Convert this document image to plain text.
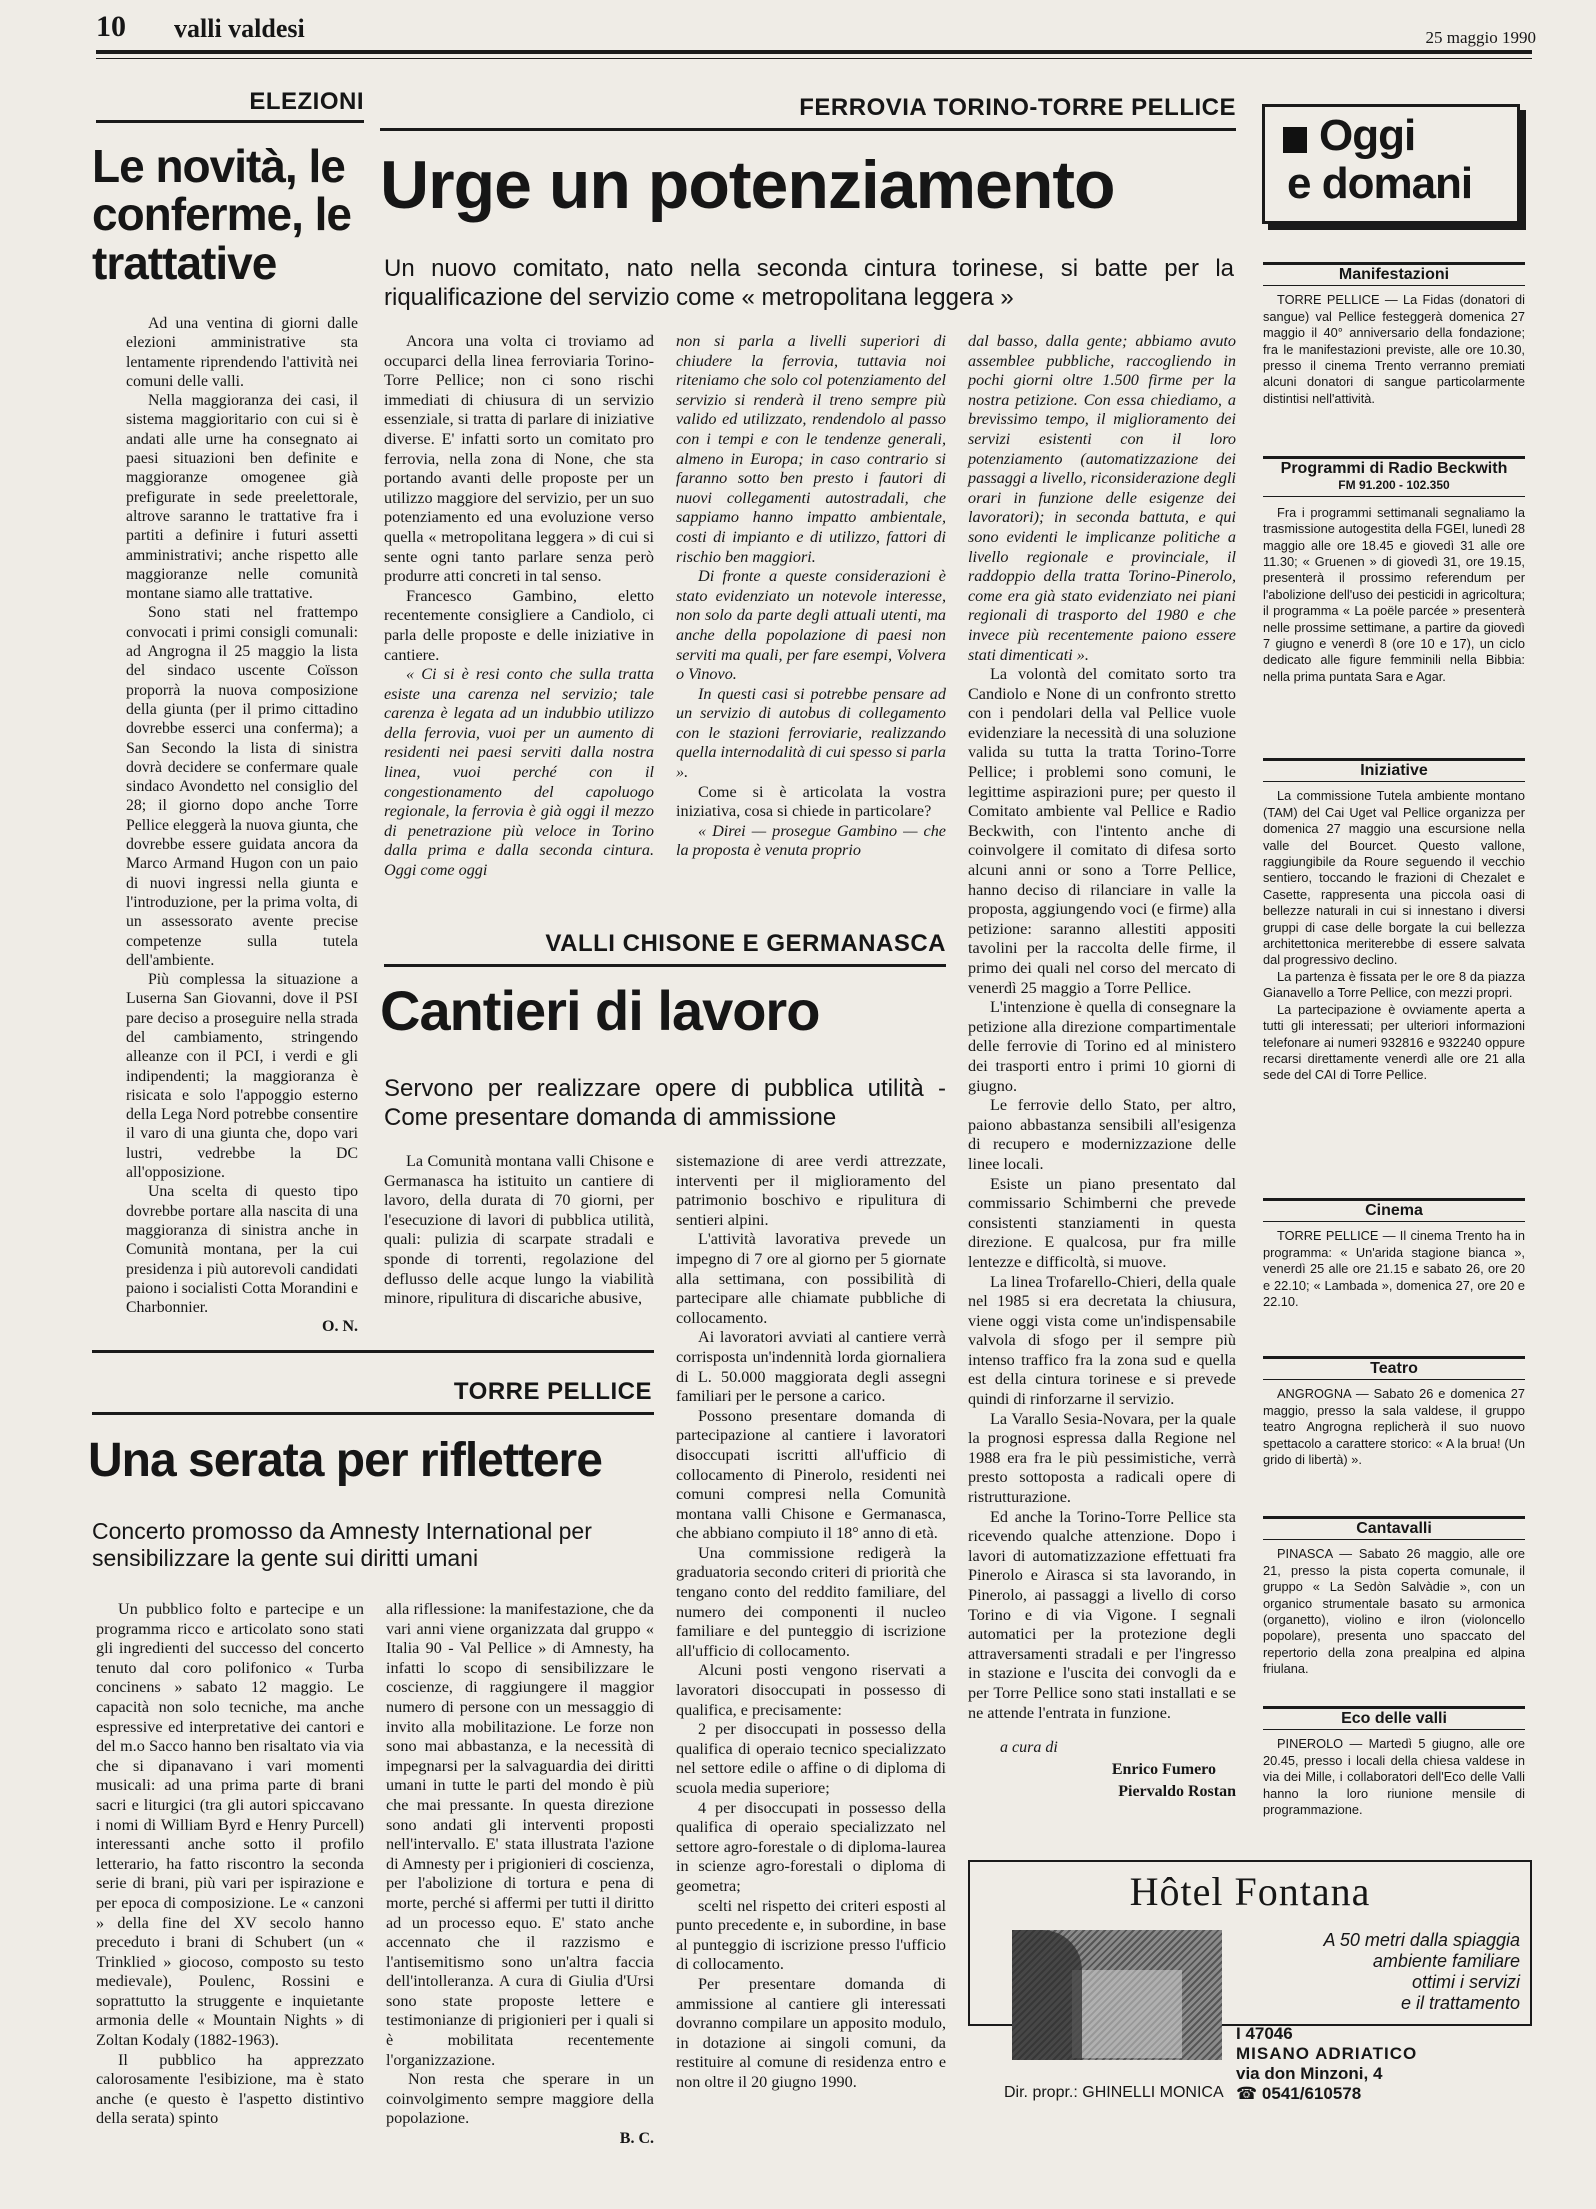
10 valli valdesi	25 maggio 1990
ELEZIONI
Le novità, le conferme, le trattative

Ad una ventina di giorni dalle elezioni amministrative sta lentamente riprendendo l'attività nei comuni delle valli.

Nella maggioranza dei casi, il sistema maggioritario con cui si è andati alle urne ha consegnato ai paesi situazioni ben definite e maggioranze omogenee già prefigurate in sede preelettorale, altrove saranno le trattative fra i partiti a definire i futuri assetti amministrativi; anche rispetto alle maggioranze nelle comunità montane siamo alle trattative.

Sono stati nel frattempo convocati i primi consigli comunali: ad Angrogna il 25 maggio la lista del sindaco uscente Coïsson proporrà la nuova composizione della giunta (per il primo cittadino dovrebbe esserci una conferma); a San Secondo la lista di sinistra dovrà decidere se confermare quale sindaco Avondetto nel consiglio del 28; il giorno dopo anche Torre Pellice eleggerà la nuova giunta, che dovrebbe essere guidata ancora da Marco Armand Hugon con un paio di nuovi ingressi nella giunta e l'introduzione, per la prima volta, di un assessorato avente precise competenze sulla tutela dell'ambiente.

Più complessa la situazione a Luserna San Giovanni, dove il PSI pare deciso a proseguire nella strada del cambiamento, stringendo alleanze con il PCI, i verdi e gli indipendenti; la maggioranza è risicata e solo l'appoggio esterno della Lega Nord potrebbe consentire il varo di una giunta che, dopo vari lustri, vedrebbe la DC all'opposizione.

Una scelta di questo tipo dovrebbe portare alla nascita di una maggioranza di sinistra anche in Comunità montana, per la cui presidenza i più autorevoli candidati paiono i socialisti Cotta Morandini e Charbonnier.

O. N.
FERROVIA TORINO-TORRE PELLICE
Urge un potenziamento
Un nuovo comitato, nato nella seconda cintura torinese, si batte per la riqualificazione del servizio come « metropolitana leggera »

Ancora una volta ci troviamo ad occuparci della linea ferroviaria Torino-Torre Pellice; non ci sono rischi immediati di chiusura di un servizio essenziale, si tratta di parlare di iniziative diverse. E' infatti sorto un comitato pro ferrovia, nella zona di None, che sta portando avanti delle proposte per un utilizzo maggiore del servizio, per un suo potenziamento ed una evoluzione verso quella « metropolitana leggera » di cui si sente ogni tanto parlare senza però produrre atti concreti in tal senso.

Francesco Gambino, eletto recentemente consigliere a Candiolo, ci parla delle proposte e delle iniziative in cantiere.

« Ci si è resi conto che sulla tratta esiste una carenza nel servizio; tale carenza è legata ad un indubbio utilizzo della ferrovia, vuoi per un aumento di residenti nei paesi serviti dalla nostra linea, vuoi perché con il congestionamento del capoluogo regionale, la ferrovia è già oggi il mezzo di penetrazione più veloce in Torino dalla prima e dalla seconda cintura. Oggi come oggi

non si parla a livelli superiori di chiudere la ferrovia, tuttavia noi riteniamo che solo col potenziamento del servizio si renderà il treno sempre più valido ed utilizzato, rendendolo al passo con i tempi e con le tendenze generali, almeno in Europa; in caso contrario si faranno sotto ben presto i fautori di nuovi collegamenti autostradali, che sappiamo hanno impatto ambientale, costi di impianto e di utilizzo, fattori di rischio ben maggiori.

Di fronte a queste considerazioni è stato evidenziato un notevole interesse, non solo da parte degli attuali utenti, ma anche della popolazione di paesi non serviti ma quali, per fare esempi, Volvera o Vinovo.

In questi casi si potrebbe pensare ad un servizio di autobus di collegamento con le stazioni ferroviarie, realizzando quella internodalità di cui spesso si parla ».

Come si è articolata la vostra iniziativa, cosa si chiede in particolare?

« Direi — prosegue Gambino — che la proposta è venuta proprio

dal basso, dalla gente; abbiamo avuto assemblee pubbliche, raccogliendo in pochi giorni oltre 1.500 firme per la nostra petizione. Con essa chiediamo, a brevissimo tempo, il miglioramento dei servizi esistenti con il loro potenziamento (automatizzazione dei passaggi a livello, riconsiderazione degli orari in funzione delle esigenze dei lavoratori); in seconda battuta, e qui sono evidenti le implicanze politiche a livello regionale e provinciale, il raddoppio della tratta Torino-Pinerolo, come era già stato evidenziato nei piani regionali di trasporto del 1980 e che invece più recentemente paiono essere stati dimenticati ».

La volontà del comitato sorto tra Candiolo e None di un confronto stretto con i pendolari della val Pellice vuole evidenziare la necessità di una soluzione valida su tutta la tratta Torino-Torre Pellice; i problemi sono comuni, le legittime aspirazioni pure; per questo il Comitato ambiente val Pellice e Radio Beckwith, con l'intento anche di coinvolgere il comitato di difesa sorto alcuni anni or sono a Torre Pellice, hanno deciso di rilanciare in valle la proposta, aggiungendo voci (e firme) alla petizione: saranno allestiti appositi tavolini per la raccolta delle firme, il primo dei quali nel corso del mercato di venerdì 25 maggio a Torre Pellice.

L'intenzione è quella di consegnare la petizione alla direzione compartimentale delle ferrovie di Torino ed al ministero dei trasporti entro i primi 10 giorni di giugno.

Le ferrovie dello Stato, per altro, paiono abbastanza sensibili all'esigenza di recupero e modernizzazione delle linee locali.

Esiste un piano presentato dal commissario Schimberni che prevede consistenti stanziamenti in questa direzione. E qualcosa, pur fra mille lentezze e difficoltà, si muove.

La linea Trofarello-Chieri, della quale nel 1985 si era decretata la chiusura, viene oggi vista come un'indispensabile valvola di sfogo per il sempre più intenso traffico fra la zona sud e quella est della cintura torinese e si prevede quindi di rinforzarne il servizio.

La Varallo Sesia-Novara, per la quale la prognosi espressa dalla Regione nel 1988 era fra le più pessimistiche, verrà presto sottoposta a radicali opere di ristrutturazione.

Ed anche la Torino-Torre Pellice sta ricevendo qualche attenzione. Dopo i lavori di automatizzazione effettuati fra Pinerolo e Airasca si sta lavorando, in Pinerolo, ai passaggi a livello di corso Torino e di via Vigone. I segnali automatici per la protezione degli attraversamenti stradali e per l'ingresso in stazione e l'uscita dei convogli da e per Torre Pellice sono stati installati e se ne attende l'entrata in funzione.

a cura di
Enrico Fumero
Piervaldo Rostan
VALLI CHISONE E GERMANASCA
Cantieri di lavoro
Servono per realizzare opere di pubblica utilità - Come presentare domanda di ammissione

La Comunità montana valli Chisone e Germanasca ha istituito un cantiere di lavoro, della durata di 70 giorni, per l'esecuzione di lavori di pubblica utilità, quali: pulizia di scarpate stradali e sponde di torrenti, regolazione del deflusso delle acque lungo la viabilità minore, ripulitura di discariche abusive,

sistemazione di aree verdi attrezzate, interventi per il miglioramento del patrimonio boschivo e ripulitura di sentieri alpini.

L'attività lavorativa prevede un impegno di 7 ore al giorno per 5 giornate alla settimana, con possibilità di partecipare alle chiamate pubbliche di collocamento.

Ai lavoratori avviati al cantiere verrà corrisposta un'indennità lorda giornaliera di L. 50.000 maggiorata degli assegni familiari per le persone a carico.

Possono presentare domanda di partecipazione al cantiere i lavoratori disoccupati iscritti all'ufficio di collocamento di Pinerolo, residenti nei comuni compresi nella Comunità montana valli Chisone e Germanasca, che abbiano compiuto il 18° anno di età.

Una commissione redigerà la graduatoria secondo criteri di priorità che tengano conto del reddito familiare, del numero dei componenti il nucleo familiare e del punteggio di iscrizione all'ufficio di collocamento.

Alcuni posti vengono riservati a lavoratori disoccupati in possesso di qualifica, e precisamente:

2 per disoccupati in possesso della qualifica di operaio tecnico specializzato nel settore edile o affine o di diploma di scuola media superiore;

4 per disoccupati in possesso della qualifica di operaio specializzato nel settore agro-forestale o di diploma-laurea in scienze agro-forestali o diploma di geometra;

scelti nel rispetto dei criteri esposti al punto precedente e, in subordine, in base al punteggio di iscrizione presso l'ufficio di collocamento.

Per presentare domanda di ammissione al cantiere gli interessati dovranno compilare un apposito modulo, in dotazione ai singoli comuni, da restituire al comune di residenza entro e non oltre il 20 giugno 1990.

TORRE PELLICE
Una serata per riflettere
Concerto promosso da Amnesty International per sensibilizzare la gente sui diritti umani

Un pubblico folto e partecipe e un programma ricco e articolato sono stati gli ingredienti del successo del concerto tenuto dal coro polifonico « Turba concinens » sabato 12 maggio. Le capacità non solo tecniche, ma anche espressive ed interpretative dei cantori e del m.o Sacco hanno ben risaltato via via che si dipanavano i vari momenti musicali: ad una prima parte di brani sacri e liturgici (tra gli autori spiccavano i nomi di William Byrd e Henry Purcell) interessanti anche sotto il profilo letterario, ha fatto riscontro la seconda serie di brani, più vari per ispirazione e per epoca di composizione. Le « canzoni » della fine del XV secolo hanno preceduto i brani di Schubert (un « Trinklied » giocoso, composto su testo medievale), Poulenc, Rossini e soprattutto la struggente e inquietante armonia delle « Mountain Nights » di Zoltan Kodaly (1882-1963).

Il pubblico ha apprezzato calorosamente l'esibizione, ma è stato anche (e questo è l'aspetto distintivo della serata) spinto

alla riflessione: la manifestazione, che da vari anni viene organizzata dal gruppo « Italia 90 - Val Pellice » di Amnesty, ha infatti lo scopo di sensibilizzare le coscienze, di raggiungere il maggior numero di persone con un messaggio di invito alla mobilitazione. Le forze non sono mai abbastanza, e la necessità di impegnarsi per la salvaguardia dei diritti umani in tutte le parti del mondo è più che mai pressante. In questa direzione sono andati gli interventi proposti nell'intervallo. E' stata illustrata l'azione di Amnesty per i prigionieri di coscienza, per l'abolizione di tortura e pena di morte, perché si affermi per tutti il diritto ad un processo equo. E' stato anche accennato che il razzismo e l'antisemitismo sono un'altra faccia dell'intolleranza. A cura di Giulia d'Ursi sono state proposte lettere e testimonianze di prigionieri per i quali si è mobilitata recentemente l'organizzazione.

Non resta che sperare in un coinvolgimento sempre maggiore della popolazione.

B. C.
Oggi
e domani
Manifestazioni

TORRE PELLICE — La Fidas (donatori di sangue) val Pellice festeggerà domenica 27 maggio il 40° anniversario della fondazione; fra le manifestazioni previste, alle ore 10.30, presso il cinema Trento verranno premiati alcuni donatori di sangue particolarmente distintisi nell'attività.

Programmi di Radio Beckwith
FM 91.200 - 102.350

Fra i programmi settimanali segnaliamo la trasmissione autogestita della FGEI, lunedì 28 maggio alle ore 18.45 e giovedì 31 alle ore 11.30; « Gruenen » di giovedì 31, ore 19.15, presenterà il prossimo referendum per l'abolizione dell'uso dei pesticidi in agricoltura; il programma « La poële parcée » presenterà nelle prossime settimane, a partire da giovedì 7 giugno e venerdì 8 (ore 10 e 17), un ciclo dedicato alle figure femminili nella Bibbia: nella prima puntata Sara e Agar.

Iniziative

La commissione Tutela ambiente montano (TAM) del Cai Uget val Pellice organizza per domenica 27 maggio una escursione nella valle del Bourcet. Questo vallone, raggiungibile da Roure seguendo il vecchio sentiero, toccando le frazioni di Chezalet e Casette, rappresenta una piccola oasi di bellezze naturali in cui si innestano i diversi gruppi di case delle borgate la cui bellezza architettonica meriterebbe di essere salvata dal progressivo declino.

La partenza è fissata per le ore 8 da piazza Gianavello a Torre Pellice, con mezzi propri.

La partecipazione è ovviamente aperta a tutti gli interessati; per ulteriori informazioni telefonare ai numeri 932816 e 932240 oppure recarsi direttamente venerdì alle ore 21 alla sede del CAI di Torre Pellice.

Cinema

TORRE PELLICE — Il cinema Trento ha in programma: « Un'arida stagione bianca », venerdì 25 alle ore 21.15 e sabato 26, ore 20 e 22.10; « Lambada », domenica 27, ore 20 e 22.10.

Teatro

ANGROGNA — Sabato 26 e domenica 27 maggio, presso la sala valdese, il gruppo teatro Angrogna replicherà il suo nuovo spettacolo a carattere storico: « A la brua! (Un grido di libertà) ».

Cantavalli

PINASCA — Sabato 26 maggio, alle ore 21, presso la pista coperta comunale, il gruppo « La Sedòn Salvàdie », con un organico strumentale basato su armonica (organetto), violino e ilron (violoncello popolare), presenta uno spaccato del repertorio della zona prealpina ed alpina friulana.

Eco delle valli

PINEROLO — Martedì 5 giugno, alle ore 20.45, presso i locali della chiesa valdese in via dei Mille, i collaboratori dell'Eco delle Valli hanno la loro riunione mensile di programmazione.

Hôtel Fontana
A 50 metri dalla spiaggia
ambiente familiare
ottimi i servizi
e il trattamento
I 47046
MISANO ADRIATICO
via don Minzoni, 4
☎ 0541/610578
Dir. propr.: GHINELLI MONICA
